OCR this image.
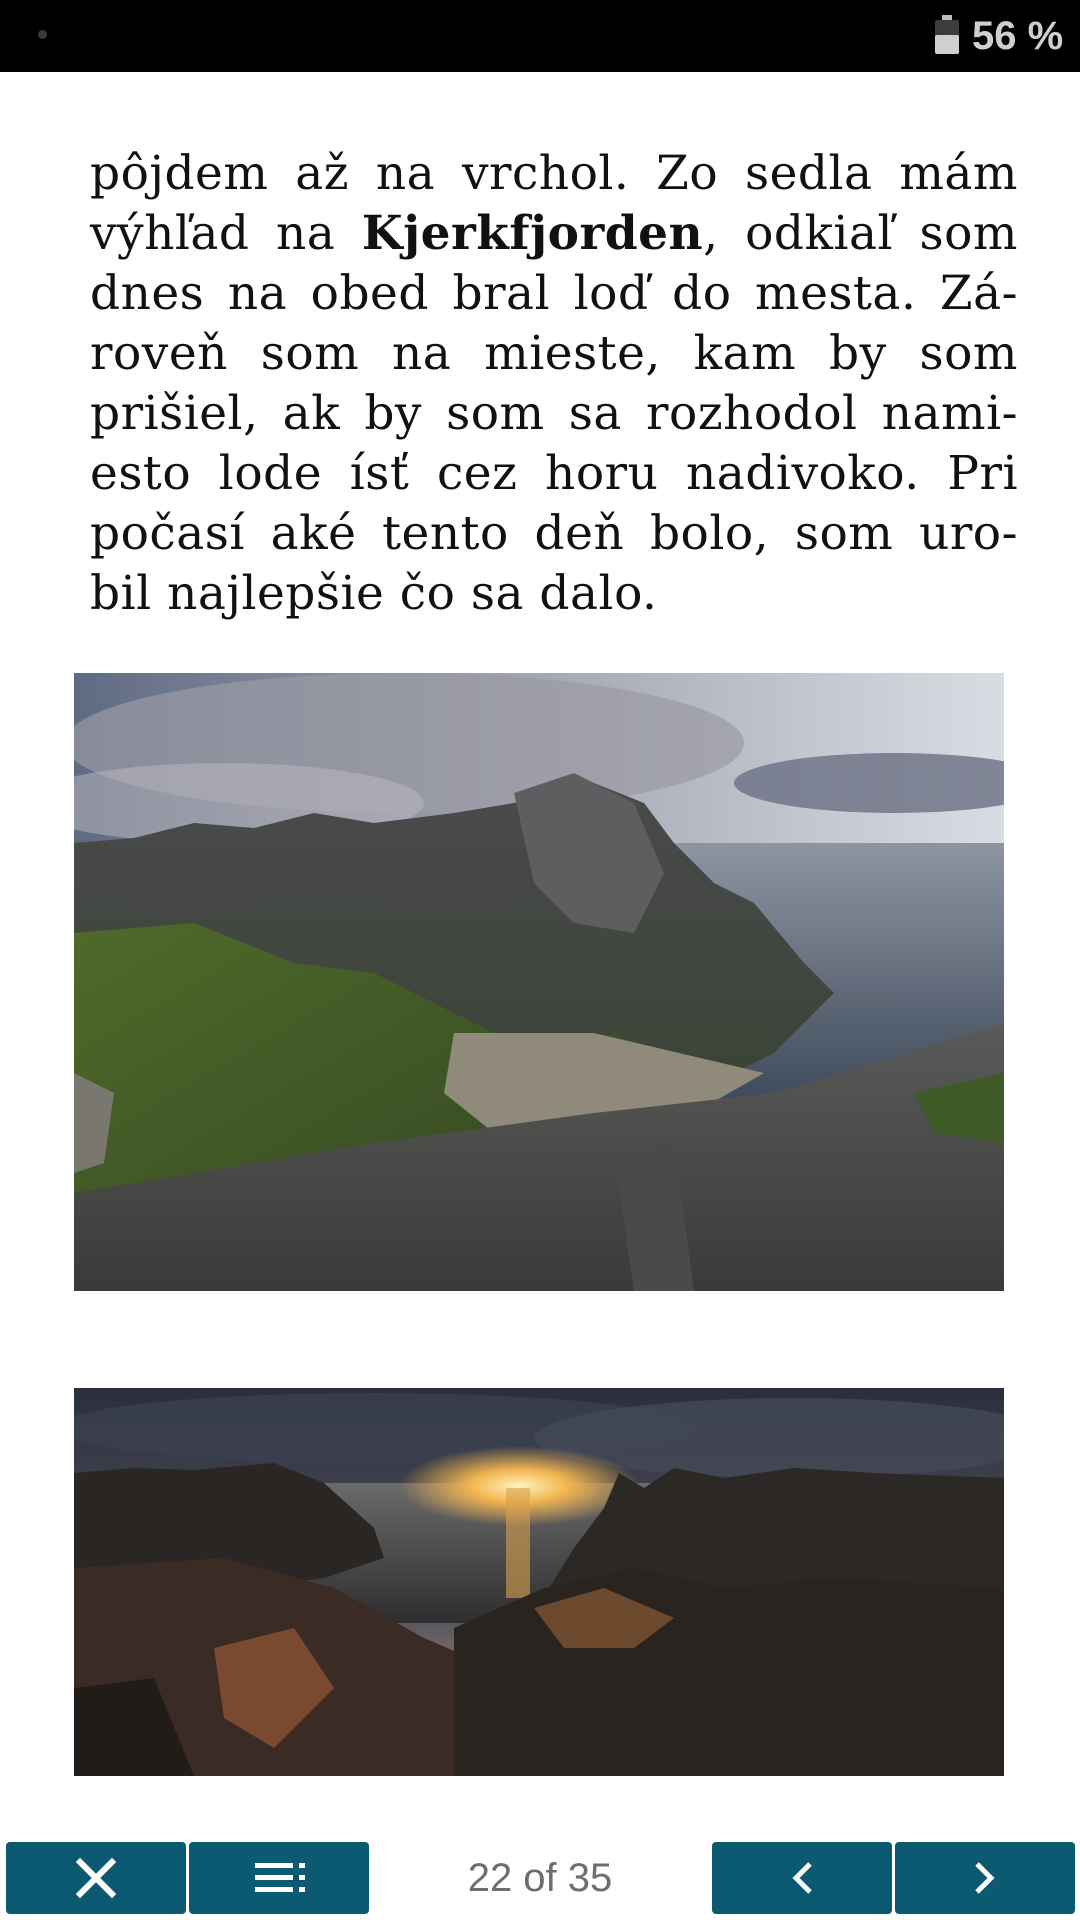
56 %
pôjdem až na vrchol. Zo sedla mám
výhľad na Kjerkfjorden, odkiaľ som
dnes na obed bral loď do mesta. Zá-
roveň som na mieste, kam by som
prišiel, ak by som sa rozhodol nami-
esto lode ísť cez horu nadivoko. Pri
počasí aké tento deň bolo, som uro-
bil najlepšie čo sa dalo.
22 of 35
